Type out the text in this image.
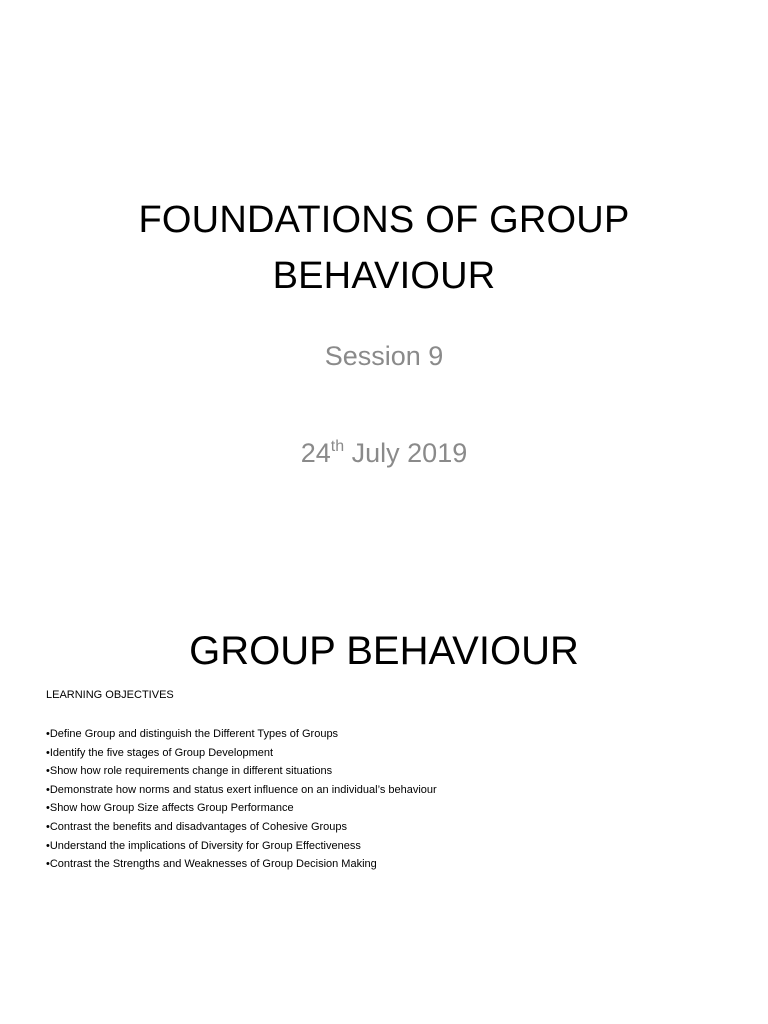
FOUNDATIONS OF GROUP
BEHAVIOUR
Session 9
24th July 2019
GROUP BEHAVIOUR
LEARNING OBJECTIVES
•Define Group and distinguish the Different Types of Groups
•Identify the five stages of Group Development
•Show how role requirements change in different situations
•Demonstrate how norms and status exert influence on an individual’s behaviour
•Show how Group Size affects Group Performance
•Contrast the benefits and disadvantages of Cohesive Groups
•Understand the implications of Diversity for Group Effectiveness
•Contrast the Strengths and Weaknesses of Group Decision Making
